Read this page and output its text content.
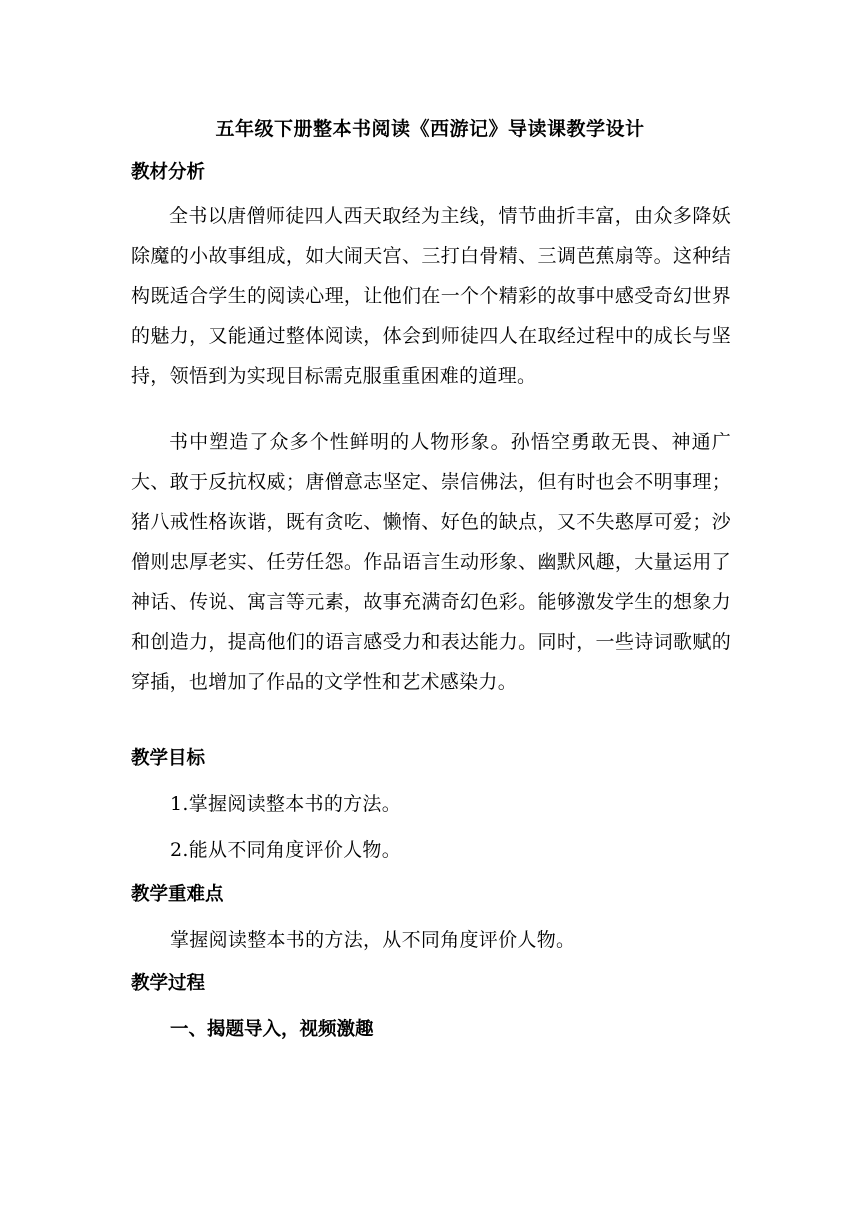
五年级下册整本书阅读《西游记》导读课教学设计
教材分析

全书以唐僧师徒四人西天取经为主线，情节曲折丰富，由众多降妖除魔的小故事组成，如大闹天宫、三打白骨精、三调芭蕉扇等。这种结构既适合学生的阅读心理，让他们在一个个精彩的故事中感受奇幻世界的魅力，又能通过整体阅读，体会到师徒四人在取经过程中的成长与坚持，领悟到为实现目标需克服重重困难的道理。

书中塑造了众多个性鲜明的人物形象。孙悟空勇敢无畏、神通广大、敢于反抗权威；唐僧意志坚定、崇信佛法，但有时也会不明事理；猪八戒性格诙谐，既有贪吃、懒惰、好色的缺点，又不失憨厚可爱；沙僧则忠厚老实、任劳任怨。作品语言生动形象、幽默风趣，大量运用了神话、传说、寓言等元素，故事充满奇幻色彩。能够激发学生的想象力和创造力，提高他们的语言感受力和表达能力。同时，一些诗词歌赋的穿插，也增加了作品的文学性和艺术感染力。

教学目标
1.掌握阅读整本书的方法。
2.能从不同角度评价人物。
教学重难点
掌握阅读整本书的方法，从不同角度评价人物。
教学过程
一、揭题导入，视频激趣
